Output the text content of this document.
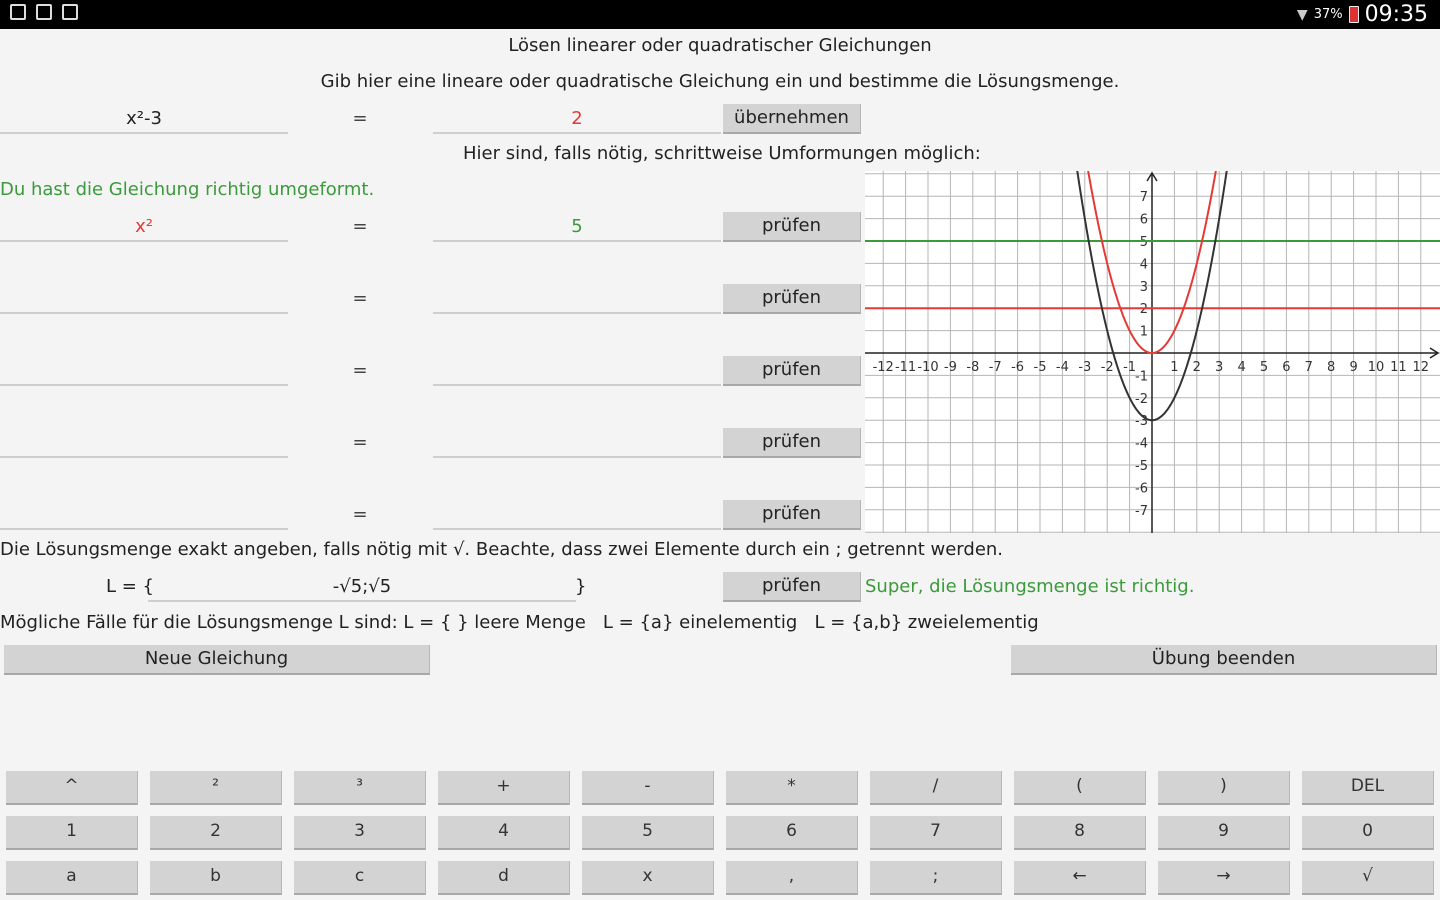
▼ 37% 09:35
Lösen linearer oder quadratischer Gleichungen
Gib hier eine lineare oder quadratische Gleichung ein und bestimme die Lösungsmenge.
x²-3	=	2	übernehmen
Hier sind, falls nötig, schrittweise Umformungen möglich:
Du hast die Gleichung richtig umgeformt.
x²	=	5	prüfen
=	prüfen
=	prüfen
=	prüfen
=	prüfen
-12 -11 -10 -9 -8 -7 -6 -5 -4 -3 -2 -1	1 2 3 4 5 6 7 8 9 10 11 12
7
6
5
4
3
2
1
-1
-2
-3
-4
-5
-6
-7
Die Lösungsmenge exakt angeben, falls nötig mit √. Beachte, dass zwei Elemente durch ein ; getrennt werden.
L = {	-√5;√5	}	prüfen	Super, die Lösungsmenge ist richtig.
Mögliche Fälle für die Lösungsmenge L sind: L = { } leere Menge   L = {a} einelementig   L = {a,b} zweielementig
Neue Gleichung	Übung beenden
^	²	³	+	-	*	/	(	)	DEL
1	2	3	4	5	6	7	8	9	0
a	b	c	d	x	,	;	←	→	√
